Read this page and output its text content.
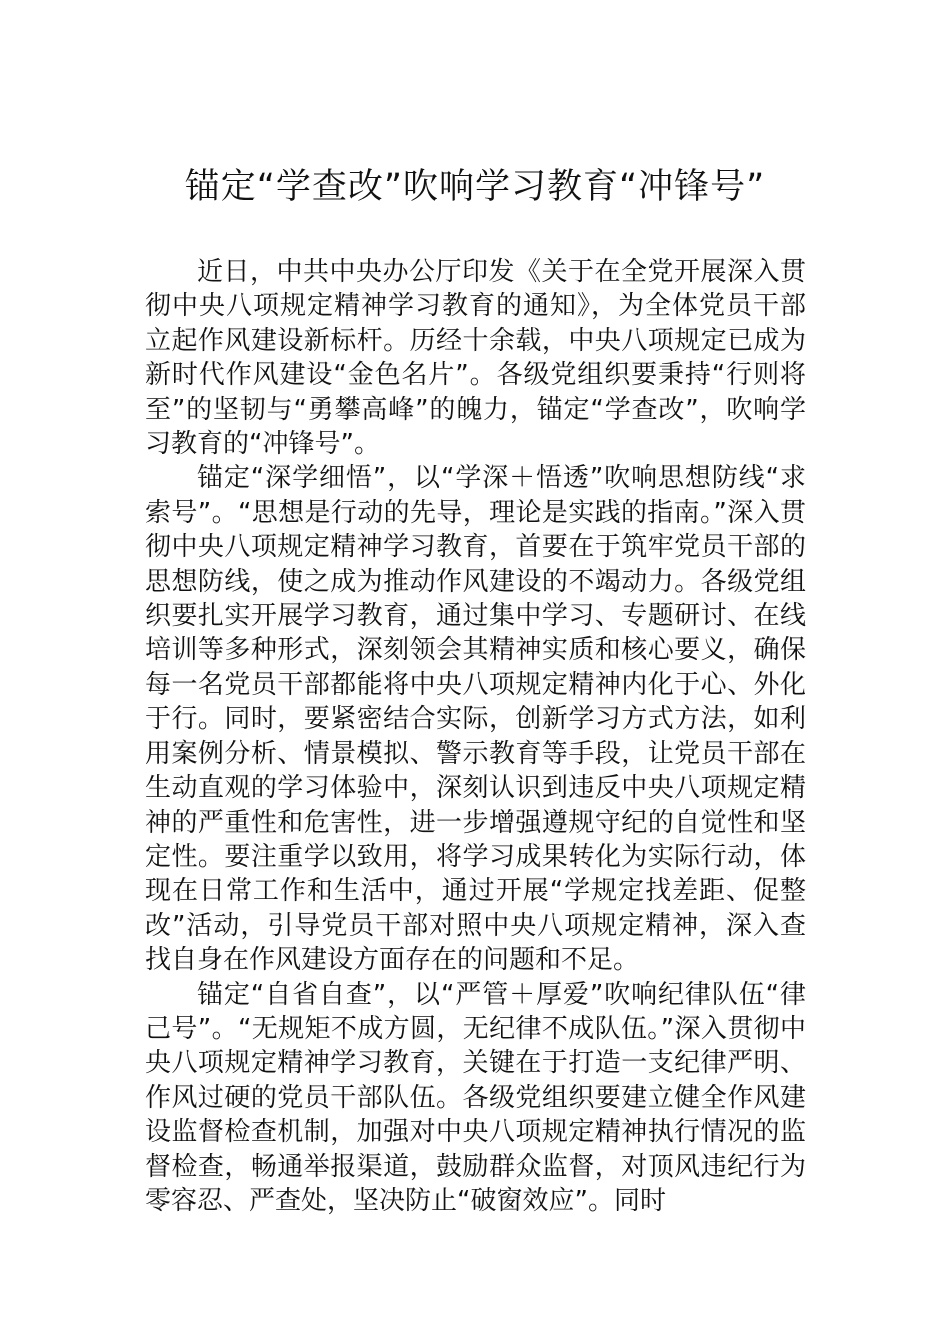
锚定“学查改”吹响学习教育“冲锋号”

近日，中共中央办公厅印发《关于在全党开展深入贯彻中央八项规定精神学习教育的通知》，为全体党员干部立起作风建设新标杆。历经十余载，中央八项规定已成为新时代作风建设“金色名片”。各级党组织要秉持“行则将至”的坚韧与“勇攀高峰”的魄力，锚定“学查改”，吹响学习教育的“冲锋号”。

锚定“深学细悟”，以“学深＋悟透”吹响思想防线“求索号”。“思想是行动的先导，理论是实践的指南。”深入贯彻中央八项规定精神学习教育，首要在于筑牢党员干部的思想防线，使之成为推动作风建设的不竭动力。各级党组织要扎实开展学习教育，通过集中学习、专题研讨、在线培训等多种形式，深刻领会其精神实质和核心要义，确保每一名党员干部都能将中央八项规定精神内化于心、外化于行。同时，要紧密结合实际，创新学习方式方法，如利用案例分析、情景模拟、警示教育等手段，让党员干部在生动直观的学习体验中，深刻认识到违反中央八项规定精神的严重性和危害性，进一步增强遵规守纪的自觉性和坚定性。要注重学以致用，将学习成果转化为实际行动，体现在日常工作和生活中，通过开展“学规定找差距、促整改”活动，引导党员干部对照中央八项规定精神，深入查找自身在作风建设方面存在的问题和不足。

锚定“自省自查”，以“严管＋厚爱”吹响纪律队伍“律己号”。“无规矩不成方圆，无纪律不成队伍。”深入贯彻中央八项规定精神学习教育，关键在于打造一支纪律严明、作风过硬的党员干部队伍。各级党组织要建立健全作风建设监督检查机制，加强对中央八项规定精神执行情况的监督检查，畅通举报渠道，鼓励群众监督，对顶风违纪行为零容忍、严查处，坚决防止“破窗效应”。同时
